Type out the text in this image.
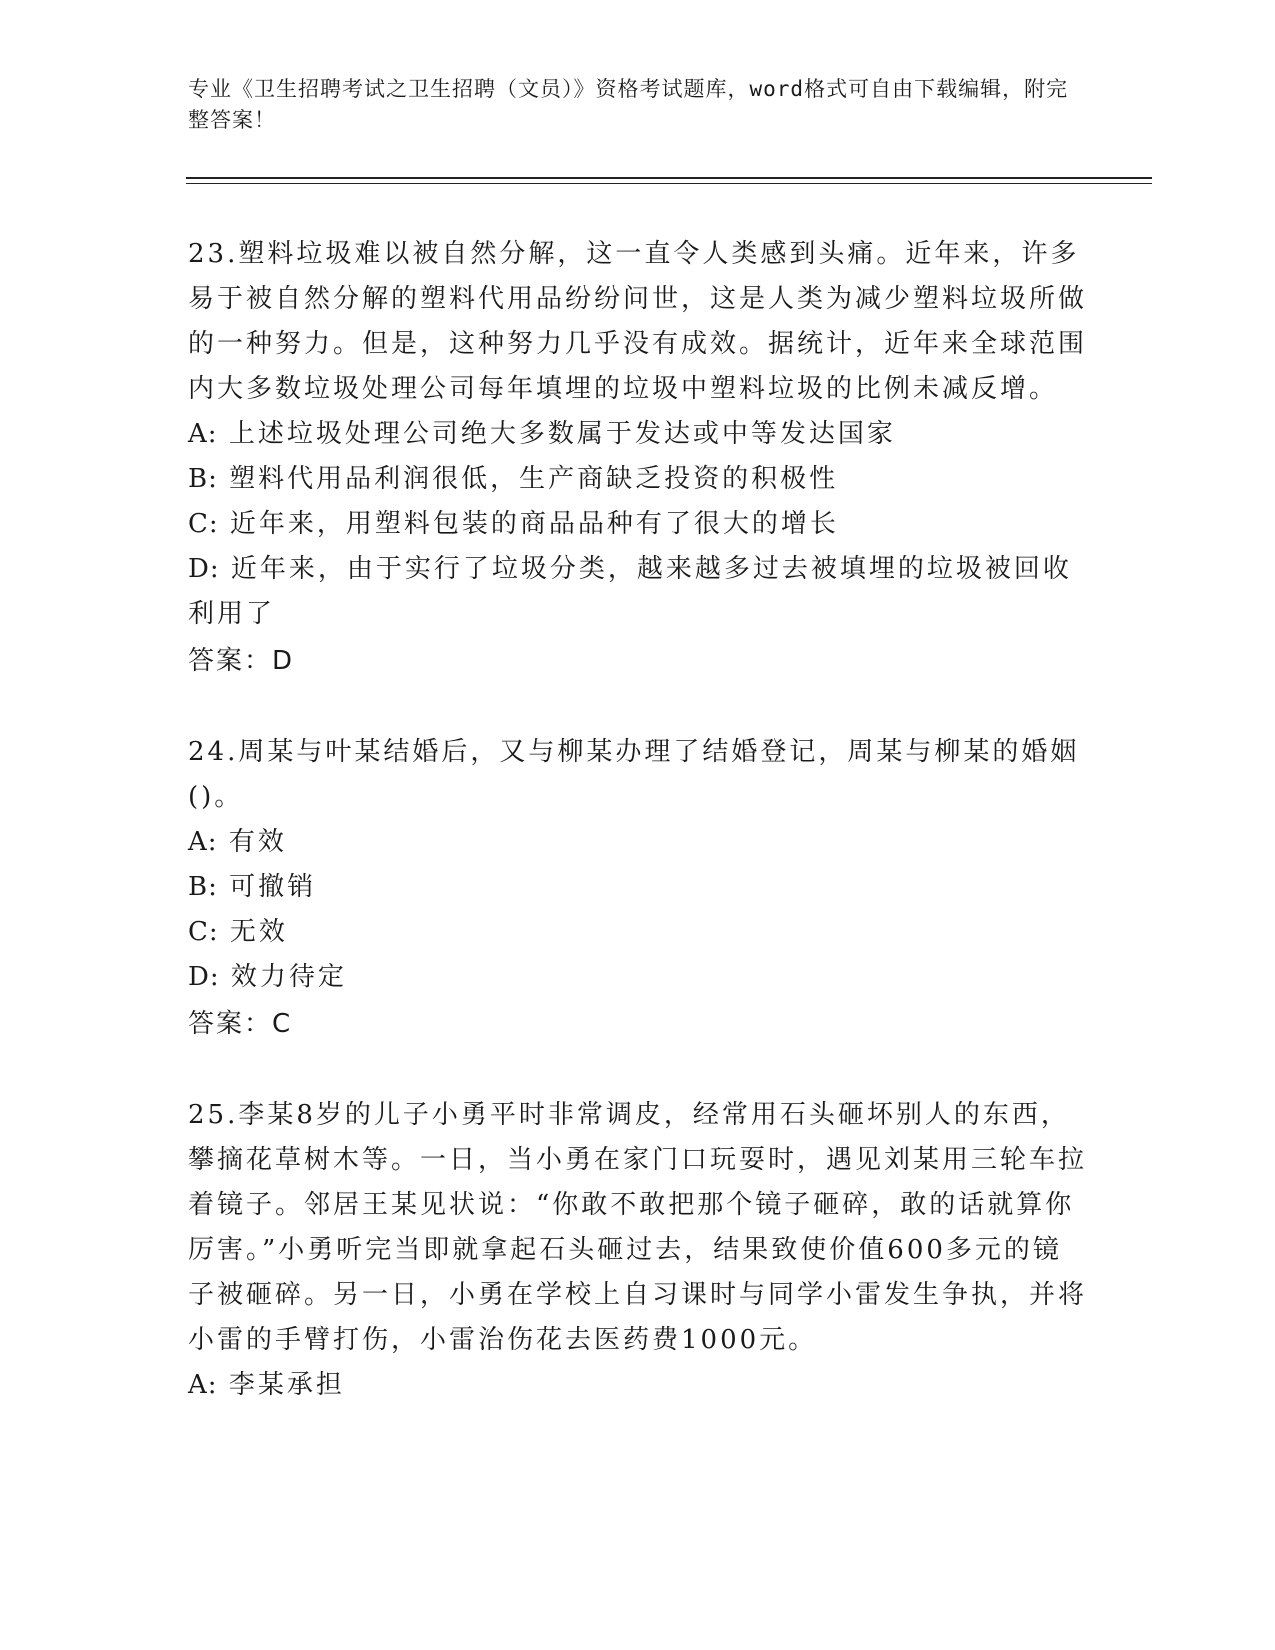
专业《卫生招聘考试之卫生招聘（文员）》资格考试题库，word格式可自由下载编辑，附完整答案！
23.塑料垃圾难以被自然分解，这一直令人类感到头痛。近年来，许多易于被自然分解的塑料代用品纷纷问世，这是人类为减少塑料垃圾所做的一种努力。但是，这种努力几乎没有成效。据统计，近年来全球范围内大多数垃圾处理公司每年填埋的垃圾中塑料垃圾的比例未减反增。
A: 上述垃圾处理公司绝大多数属于发达或中等发达国家
B: 塑料代用品利润很低，生产商缺乏投资的积极性
C: 近年来，用塑料包装的商品品种有了很大的增长
D: 近年来，由于实行了垃圾分类，越来越多过去被填埋的垃圾被回收利用了
答案：D
24.周某与叶某结婚后，又与柳某办理了结婚登记，周某与柳某的婚姻()。
A: 有效
B: 可撤销
C: 无效
D: 效力待定
答案：C
25.李某8岁的儿子小勇平时非常调皮，经常用石头砸坏别人的东西，攀摘花草树木等。一日，当小勇在家门口玩耍时，遇见刘某用三轮车拉着镜子。邻居王某见状说：“你敢不敢把那个镜子砸碎，敢的话就算你厉害。”小勇听完当即就拿起石头砸过去，结果致使价值600多元的镜子被砸碎。另一日，小勇在学校上自习课时与同学小雷发生争执，并将小雷的手臂打伤，小雷治伤花去医药费1000元。
A: 李某承担
